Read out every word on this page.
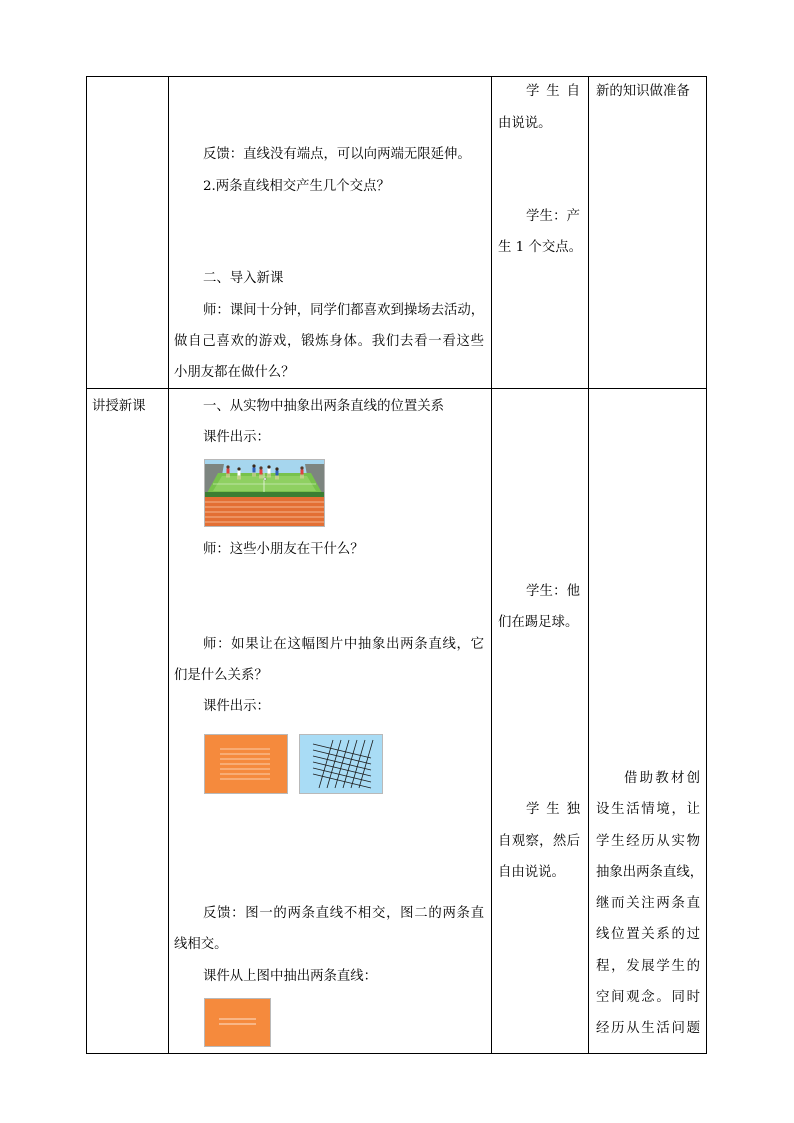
反馈：直线没有端点，可以向两端无限延伸。
2.两条直线相交产生几个交点？
二、导入新课
师：课间十分钟，同学们都喜欢到操场去活动，
做自己喜欢的游戏，锻炼身体。我们去看一看这些
小朋友都在做什么？
学 生 自
由说说。
学生：产
生 1 个交点。
新的知识做准备
讲授新课	一、从实物中抽象出两条直线的位置关系
课件出示：
师：这些小朋友在干什么？
师：如果让在这幅图片中抽象出两条直线，它
们是什么关系？
课件出示：
反馈：图一的两条直线不相交，图二的两条直
线相交。
课件从上图中抽出两条直线：
学生：他
们在踢足球。
学 生 独
自观察，然后
自由说说。
借助教材创
设生活情境，让
学生经历从实物
抽象出两条直线，
继而关注两条直
线位置关系的过
程，发展学生的
空间观念。同时
经历从生活问题
